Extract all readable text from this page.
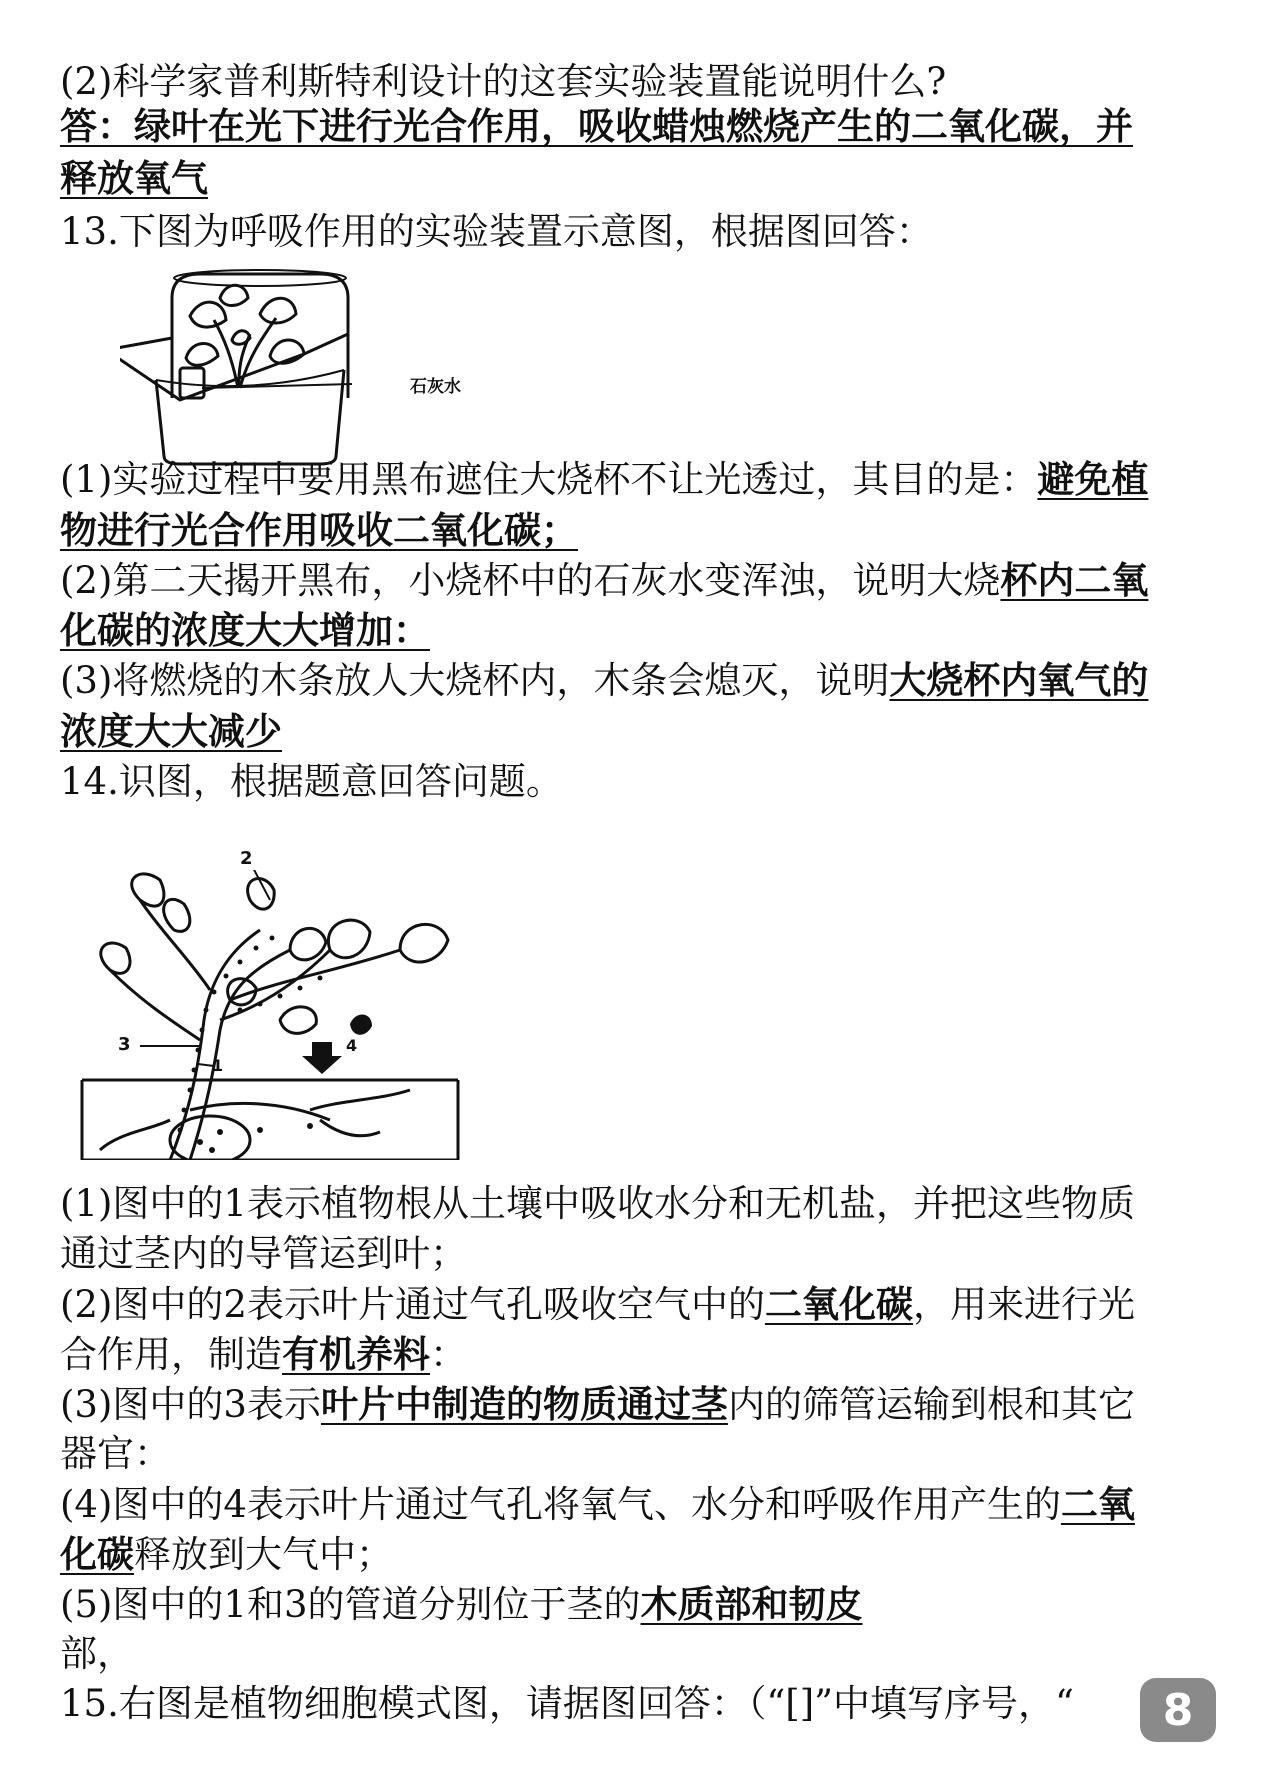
(2)科学家普利斯特利设计的这套实验装置能说明什么?
答：绿叶在光下进行光合作用，吸收蜡烛燃烧产生的二氧化碳，并
释放氧气
13.下图为呼吸作用的实验装置示意图，根据图回答：
石灰水
(1)实验过程中要用黑布遮住大烧杯不让光透过，其目的是：避免植
物进行光合作用吸收二氧化碳；
(2)第二天揭开黑布，小烧杯中的石灰水变浑浊，说明大烧杯内二氧
化碳的浓度大大增加：
(3)将燃烧的木条放人大烧杯内，木条会熄灭，说明大烧杯内氧气的
浓度大大减少
14.识图，根据题意回答问题。
2
3
1
4
(1)图中的1表示植物根从土壤中吸收水分和无机盐，并把这些物质
通过茎内的导管运到叶；
(2)图中的2表示叶片通过气孔吸收空气中的二氧化碳，用来进行光
合作用，制造有机养料：
(3)图中的3表示叶片中制造的物质通过茎内的筛管运输到根和其它
器官：
(4)图中的4表示叶片通过气孔将氧气、水分和呼吸作用产生的二氧
化碳释放到大气中；
(5)图中的1和3的管道分别位于茎的木质部和韧皮
部，
15.右图是植物细胞模式图，请据图回答：（“[]”中填写序号，“	8
